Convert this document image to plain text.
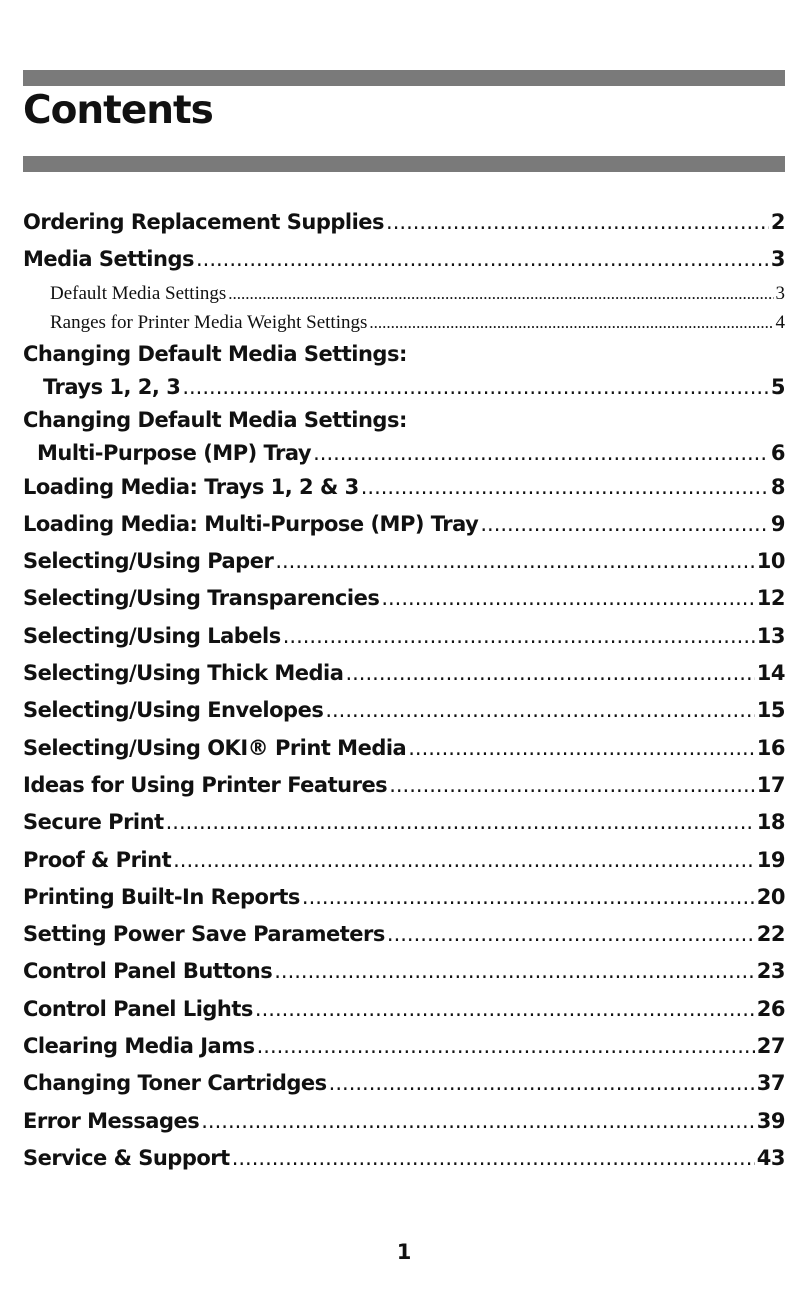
Contents
Ordering Replacement Supplies .....	2
Media Settings .....	3
Default Media Settings .....	3
Ranges for Printer Media Weight Settings .....	4
Changing Default Media Settings:
Trays 1, 2, 3 .....	5
Changing Default Media Settings:
Multi-Purpose (MP) Tray .....	6
Loading Media: Trays 1, 2 & 3 .....	8
Loading Media: Multi-Purpose (MP) Tray .....	9
Selecting/Using Paper .....	10
Selecting/Using Transparencies .....	12
Selecting/Using Labels .....	13
Selecting/Using Thick Media .....	14
Selecting/Using Envelopes .....	15
Selecting/Using OKI® Print Media .....	16
Ideas for Using Printer Features .....	17
Secure Print .....	18
Proof & Print .....	19
Printing Built-In Reports .....	20
Setting Power Save Parameters .....	22
Control Panel Buttons .....	23
Control Panel Lights .....	26
Clearing Media Jams .....	27
Changing Toner Cartridges .....	37
Error Messages .....	39
Service & Support .....	43
1
